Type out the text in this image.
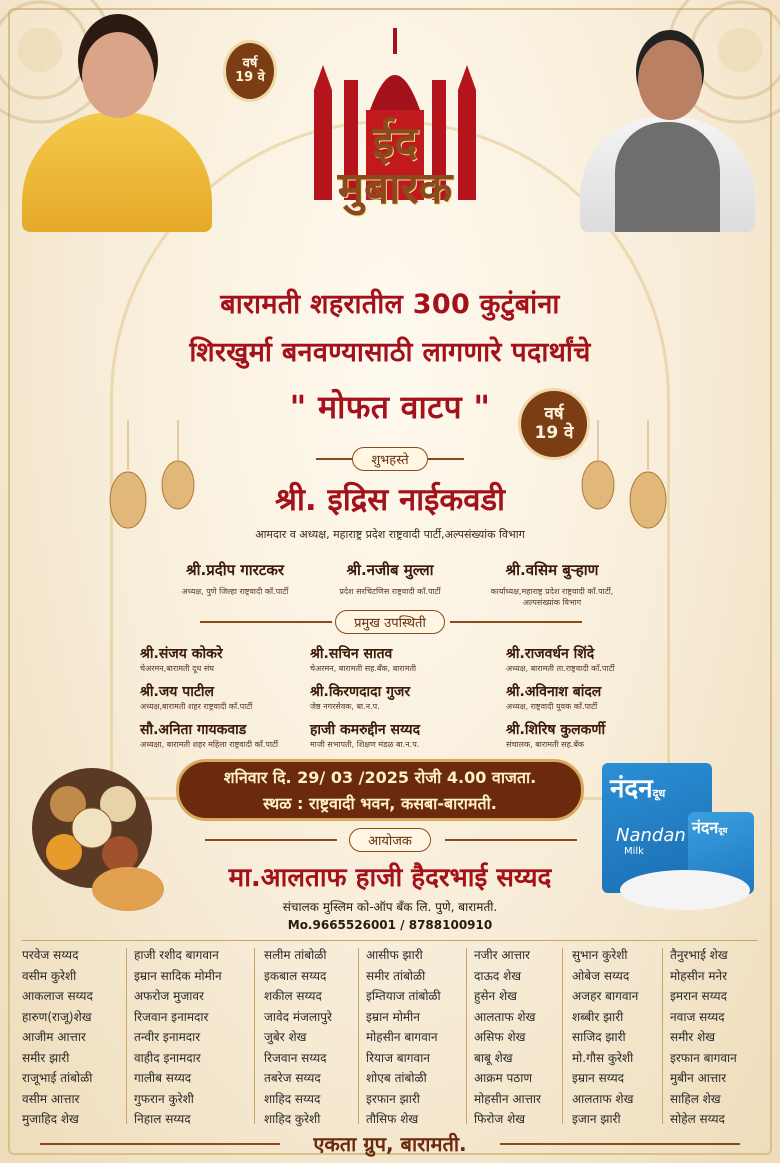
वर्ष
19 वे
ईद
मुबारक
बारामती शहरातील 300 कुटुंबांना
शिरखुर्मा बनवण्यासाठी लागणारे पदार्थांचे
" मोफत वाटप "	वर्ष
19 वे
शुभहस्ते
श्री. इद्रिस नाईकवडी
आमदार व अध्यक्ष, महाराष्ट्र प्रदेश राष्ट्रवादी पार्टी,अल्पसंख्यांक विभाग
श्री.प्रदीप गारटकर
अध्यक्ष, पुणे जिल्हा राष्ट्रवादी कॉं.पार्टी
श्री.नजीब मुल्ला
प्रदेश सरचिटणिस राष्ट्रवादी कॉं.पार्टी
श्री.वसिम बुऱ्हाण
कार्याध्यक्ष,महाराष्ट्र प्रदेश राष्ट्रवादी कॉं.पार्टी,
अल्पसंख्यांक विभाग
प्रमुख उपस्थिती
श्री.संजय कोकरे
चेअरमन,बारामती दूध संघ
श्री.जय पाटील
अध्यक्ष,बारामती शहर राष्ट्रवादी कॉं.पार्टी
सौ.अनिता गायकवाड
अध्यक्षा, बारामती शहर महिला राष्ट्रवादी कॉं.पार्टी
श्री.सचिन सातव
चेअरमन, बारामती सह.बँक, बारामती
श्री.किरणदादा गुजर
जेष्ठ नगरसेवक, बा.न.प.
हाजी कमरुद्दीन सय्यद
माजी सभापती, शिक्षण मंडळ बा.न.प.
श्री.राजवर्धन शिंदे
अध्यक्ष, बारामती ता.राष्ट्रवादी कॉं.पार्टी
श्री.अविनाश बांदल
अध्यक्ष, राष्ट्रवादी युवक कॉं.पार्टी
श्री.शिरिष कुलकर्णी
संचालक, बारामती सह.बँक
शनिवार दि. 29/ 03 /2025 रोजी 4.00 वाजता.
स्थळ : राष्ट्रवादी भवन, कसबा-बारामती.	नंदनदूध
Nandan
Milk
नंदनदूध
आयोजक
मा.आलताफ हाजी हैदरभाई सय्यद
संचालक मुस्लिम को-ऑप बँक लि. पुणे, बारामती.
Mo.9665526001 / 8788100910
परवेज सय्यद
वसीम कुरेशी
आकलाज सय्यद
हारुण(राजू)शेख
आजीम आत्तार
समीर झारी
राजूभाई तांबोळी
वसीम आत्तार
मुजाहिद शेख
हाजी रशीद बागवान
इम्रान सादिक मोमीन
अफरोज मुजावर
रिजवान इनामदार
तन्वीर इनामदार
वाहीद इनामदार
गालीब सय्यद
गुफरान कुरेशी
निहाल सय्यद
सलीम तांबोळी
इकबाल सय्यद
शकील सय्यद
जावेद मंजलापुरे
जुबेर शेख
रिजवान सय्यद
तबरेज सय्यद
शाहिद सय्यद
शाहिद कुरेशी
आसीफ झारी
समीर तांबोळी
इम्तियाज तांबोळी
इम्रान मोमीन
मोहसीन बागवान
रियाज बागवान
शोएब तांबोळी
इरफान झारी
तौसिफ शेख
नजीर आत्तार
दाऊद शेख
हुसेन शेख
आलताफ शेख
असिफ शेख
बाबू शेख
आक्रम पठाण
मोहसीन आत्तार
फिरोज शेख
सुभान कुरेशी
ओबेज सय्यद
अजहर बागवान
शब्बीर झारी
साजिद झारी
मो.गौस कुरेशी
इम्रान सय्यद
आलताफ शेख
इजान झारी
तैनुरभाई शेख
मोहसीन मनेर
इमरान सय्यद
नवाज सय्यद
समीर शेख
इरफान बागवान
मुबीन आत्तार
साहिल शेख
सोहेल सय्यद
एकता ग्रुप, बारामती.
